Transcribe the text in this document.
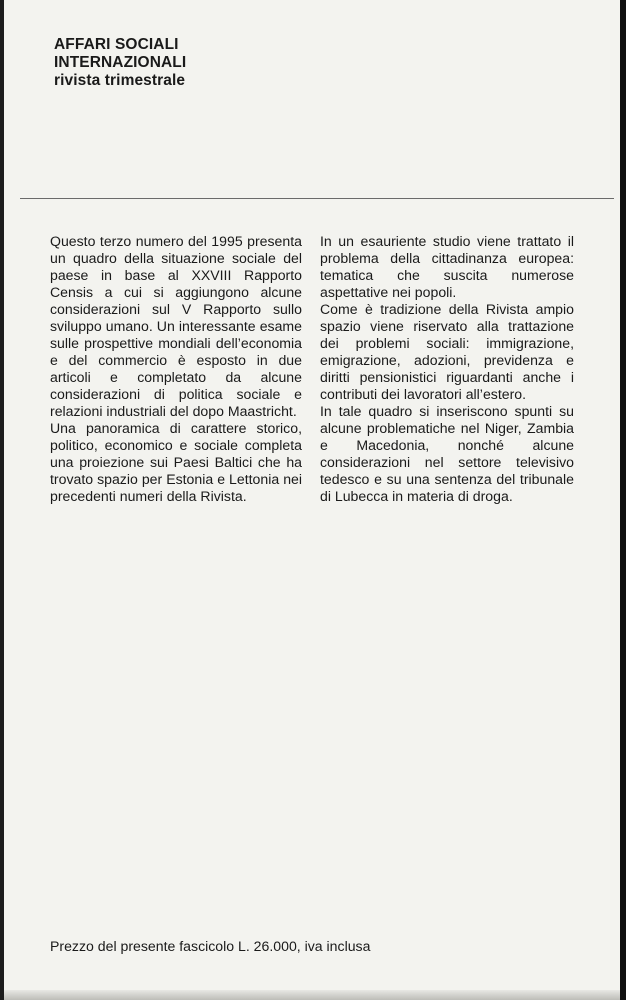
AFFARI SOCIALI
INTERNAZIONALI
rivista trimestrale

Questo terzo numero del 1995 presenta un quadro della situazione sociale del paese in base al XXVIII Rapporto Censis a cui si aggiungono alcune considerazioni sul V Rapporto sullo sviluppo umano. Un interessante esame sulle prospettive mondiali dell’economia e del commercio è esposto in due articoli e completato da alcune considerazioni di politica sociale e relazioni industriali del dopo Maastricht.

Una panoramica di carattere storico, politico, economico e sociale completa una proiezione sui Paesi Baltici che ha trovato spazio per Estonia e Lettonia nei precedenti numeri della Rivista.

In un esauriente studio viene trattato il problema della cittadinanza europea: tematica che suscita numerose aspettative nei popoli.

Come è tradizione della Rivista ampio spazio viene riservato alla trattazione dei problemi sociali: immigrazione, emigrazione, adozioni, previdenza e diritti pensionistici riguardanti anche i contributi dei lavoratori all’estero.

In tale quadro si inseriscono spunti su alcune problematiche nel Niger, Zambia e Macedonia, nonché alcune considerazioni nel settore televisivo tedesco e su una sentenza del tribunale di Lubecca in materia di droga.

Prezzo del presente fascicolo L. 26.000, iva inclusa
